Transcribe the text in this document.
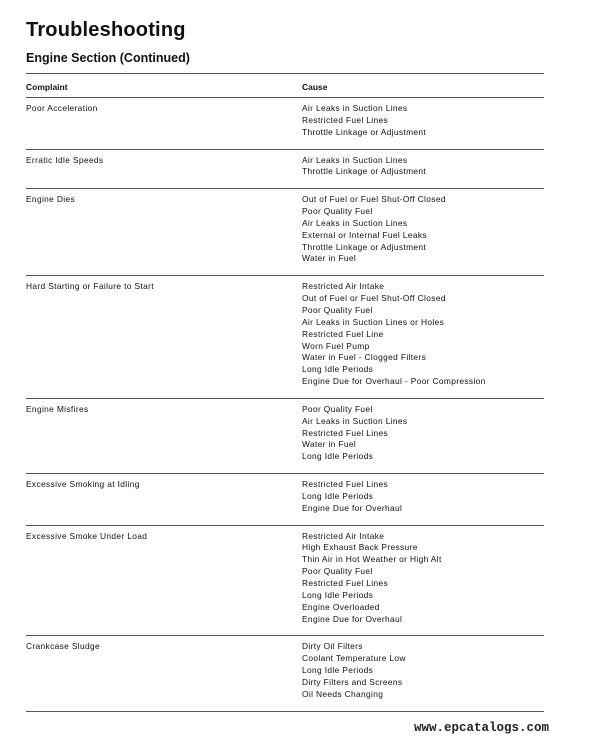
Troubleshooting
Engine Section (Continued)
Complaint	Cause
Poor Acceleration	Air Leaks in Suction Lines
Restricted Fuel Lines
Throttle Linkage or Adjustment
Erratic Idle Speeds	Air Leaks in Suction Lines
Throttle Linkage or Adjustment
Engine Dies	Out of Fuel or Fuel Shut-Off Closed
Poor Quality Fuel
Air Leaks in Suction Lines
External or Internal Fuel Leaks
Throttle Linkage or Adjustment
Water in Fuel
Hard Starting or Failure to Start	Restricted Air Intake
Out of Fuel or Fuel Shut-Off Closed
Poor Quality Fuel
Air Leaks in Suction Lines or Holes
Restricted Fuel Line
Worn Fuel Pump
Water in Fuel - Clogged Filters
Long Idle Periods
Engine Due for Overhaul - Poor Compression
Engine Misfires	Poor Quality Fuel
Air Leaks in Suction Lines
Restricted Fuel Lines
Water in Fuel
Long Idle Periods
Excessive Smoking at Idling	Restricted Fuel Lines
Long Idle Periods
Engine Due for Overhaul
Excessive Smoke Under Load	Restricted Air Intake
High Exhaust Back Pressure
Thin Air in Hot Weather or High Alt
Poor Quality Fuel
Restricted Fuel Lines
Long Idle Periods
Engine Overloaded
Engine Due for Overhaul
Crankcase Sludge	Dirty Oil Filters
Coolant Temperature Low
Long Idle Periods
Dirty Filters and Screens
Oil Needs Changing
www.epcatalogs.com
